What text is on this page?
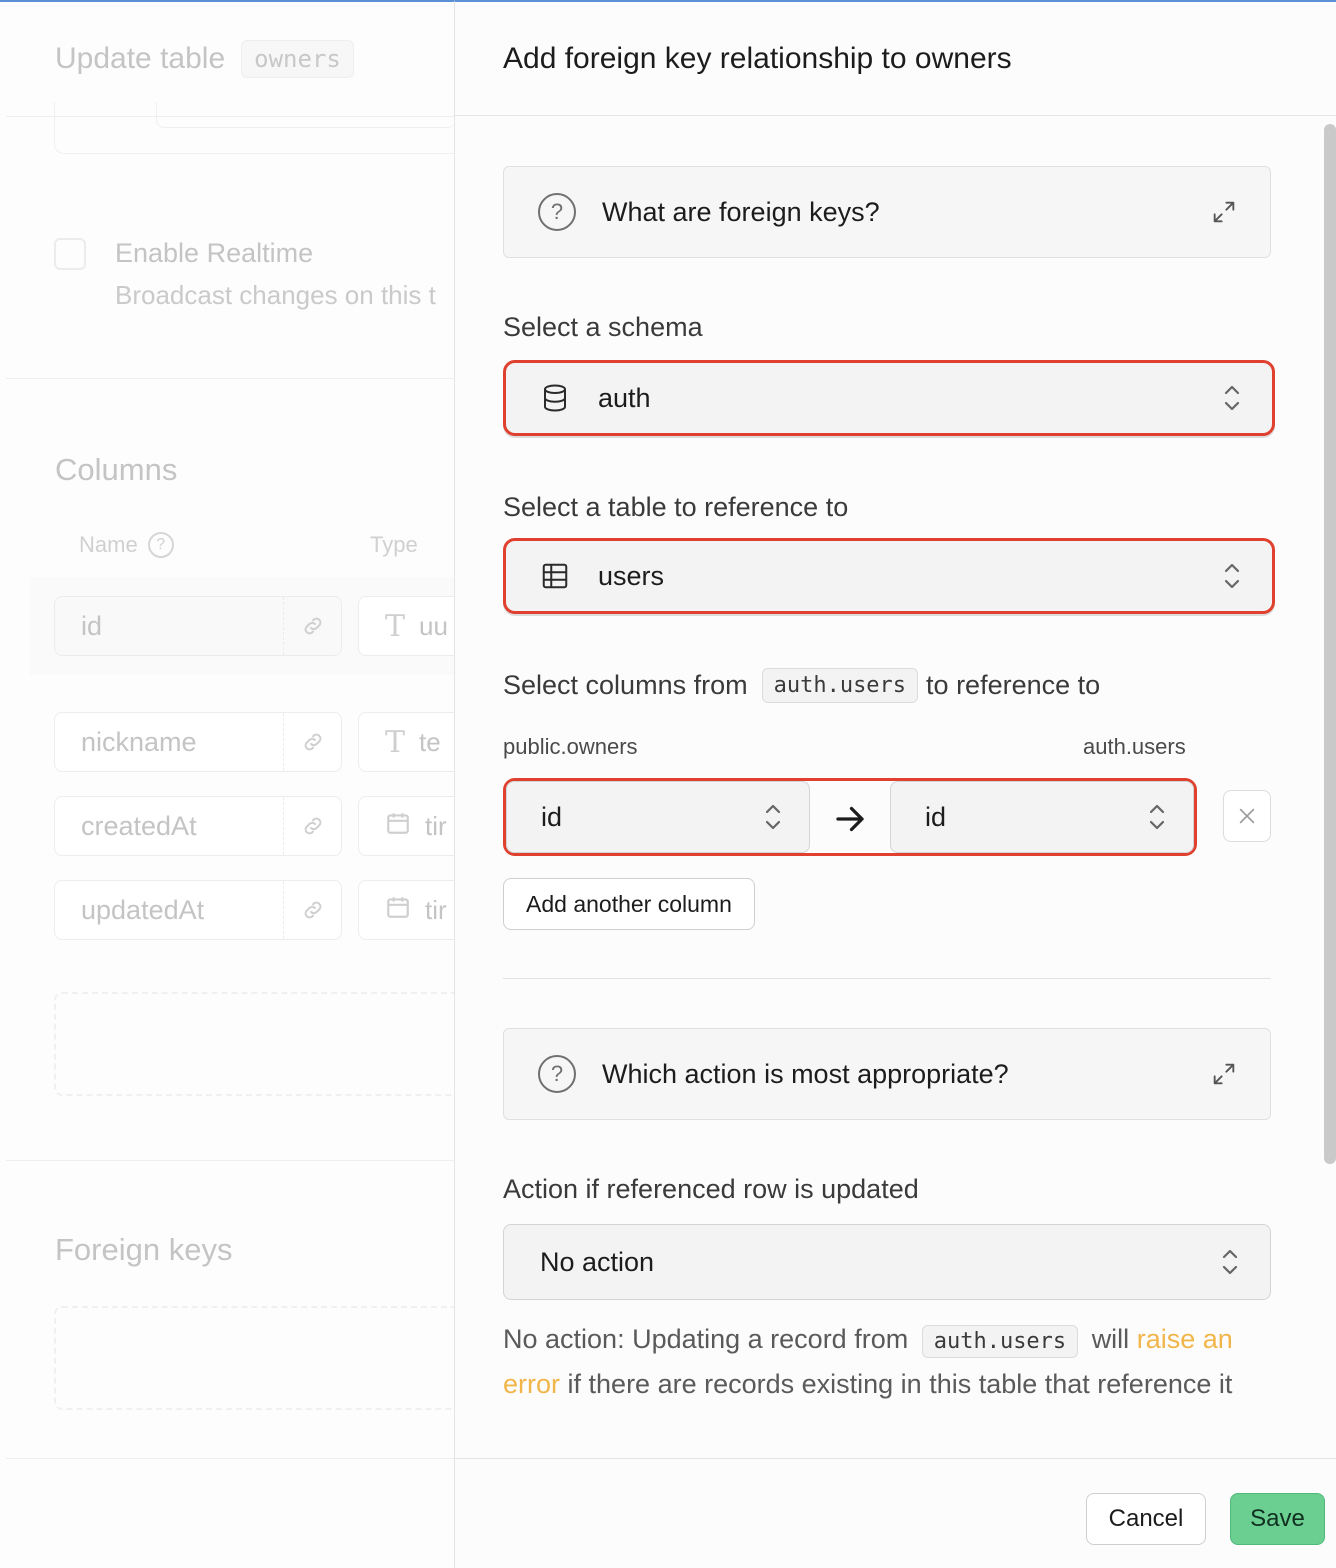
Update table	owners
Enable Realtime
Broadcast changes on this t
Columns
Name	?	Type
id	T uu
nickname	T te
createdAt	tir
updatedAt	tir
Foreign keys
Add foreign key relationship to owners
?	What are foreign keys?
Select a schema
auth
Select a table to reference to
users
Select columns from	auth.users to reference to
public.owners	auth.users
id	id
Add another column
?	Which action is most appropriate?
Action if referenced row is updated
No action
No action: Updating a record from auth.users will raise an error if there are records existing in this table that reference it
Cancel	Save
